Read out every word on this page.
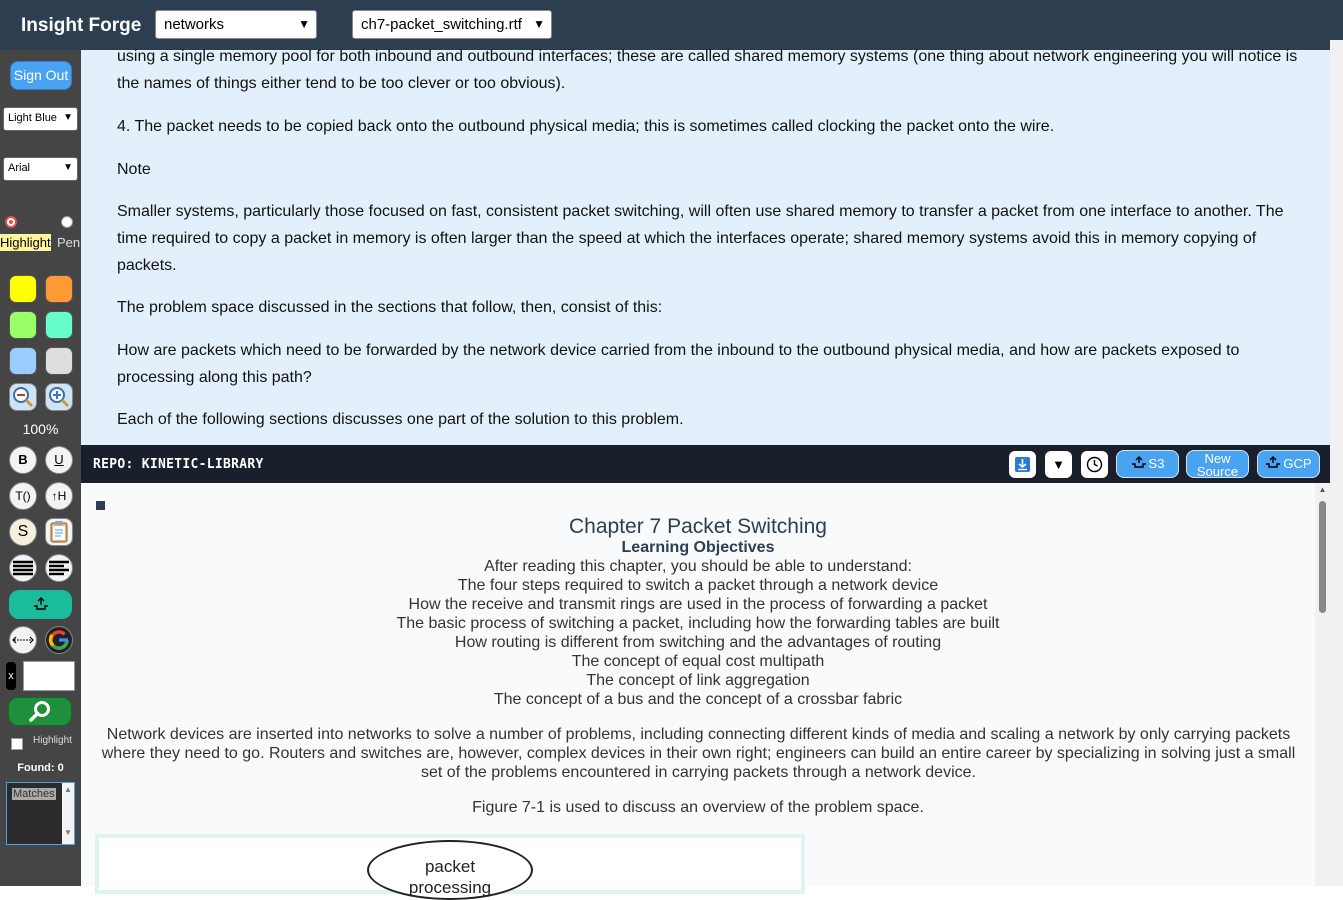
Insight Forge	networks	▼	ch7-packet_switching.rtf ▼
Sign Out
Light Blue ▼
Arial	▼
Highlight Pen
100%
B	U
T()	↑H
S
x
Highlight
Found: 0
Matches ▲
▼

using a single memory pool for both inbound and outbound interfaces; these are called shared memory systems (one thing about network engineering you will notice is the names of things either tend to be too clever or too obvious).

4. The packet needs to be copied back onto the outbound physical media; this is sometimes called clocking the packet onto the wire.

Note

Smaller systems, particularly those focused on fast, consistent packet switching, will often use shared memory to transfer a packet from one interface to another. The time required to copy a packet in memory is often larger than the speed at which the interfaces operate; shared memory systems avoid this in memory copying of packets.

The problem space discussed in the sections that follow, then, consist of this:

How are packets which need to be forwarded by the network device carried from the inbound to the outbound physical media, and how are packets exposed to processing along this path?

Each of the following sections discusses one part of the solution to this problem.

REPO: KINETIC-LIBRARY	▼	S3	New
Source
GCP
Chapter 7 Packet Switching
Learning Objectives
After reading this chapter, you should be able to understand:
The four steps required to switch a packet through a network device
How the receive and transmit rings are used in the process of forwarding a packet
The basic process of switching a packet, including how the forwarding tables are built
How routing is different from switching and the advantages of routing
The concept of equal cost multipath
The concept of link aggregation
The concept of a bus and the concept of a crossbar fabric
Network devices are inserted into networks to solve a number of problems, including connecting different kinds of media and scaling a network by only carrying packets where they need to go. Routers and switches are, however, complex devices in their own right; engineers can build an entire career by specializing in solving just a small set of the problems encountered in carrying packets through a network device.
Figure 7-1 is used to discuss an overview of the problem space.
packet
processing
▲
